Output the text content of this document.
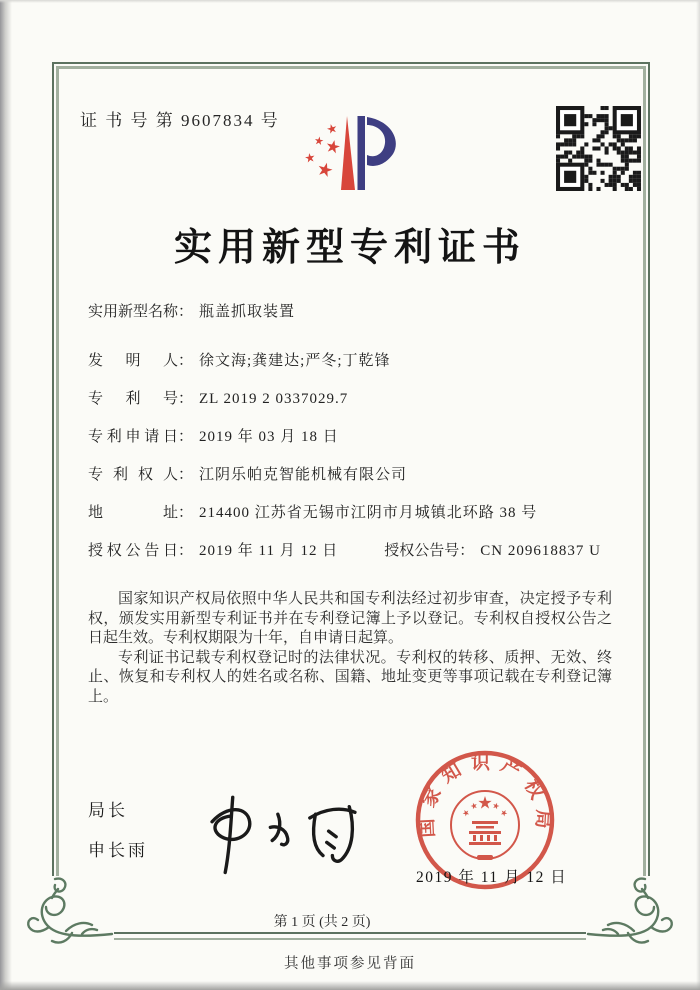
证 书 号 第 9607834 号
实用新型专利证书
实用新型名称： 瓶盖抓取装置
发明人： 徐文海;龚建达;严冬;丁乾锋
专利号： ZL 2019 2 0337029.7
专利申请日： 2019 年 03 月 18 日
专利权人： 江阴乐帕克智能机械有限公司
地址： 214400 江苏省无锡市江阴市月城镇北环路 38 号
授权公告日： 2019 年 11 月 12 日	授权公告号： CN 209618837 U

国家知识产权局依照中华人民共和国专利法经过初步审查，决定授予专利权，颁发实用新型专利证书并在专利登记簿上予以登记。专利权自授权公告之日起生效。专利权期限为十年，自申请日起算。

专利证书记载专利权登记时的法律状况。专利权的转移、质押、无效、终止、恢复和专利权人的姓名或名称、国籍、地址变更等事项记载在专利登记簿上。

局长
申长雨
国家知识产权局
2019 年 11 月 12 日
第 1 页 (共 2 页)
其他事项参见背面
